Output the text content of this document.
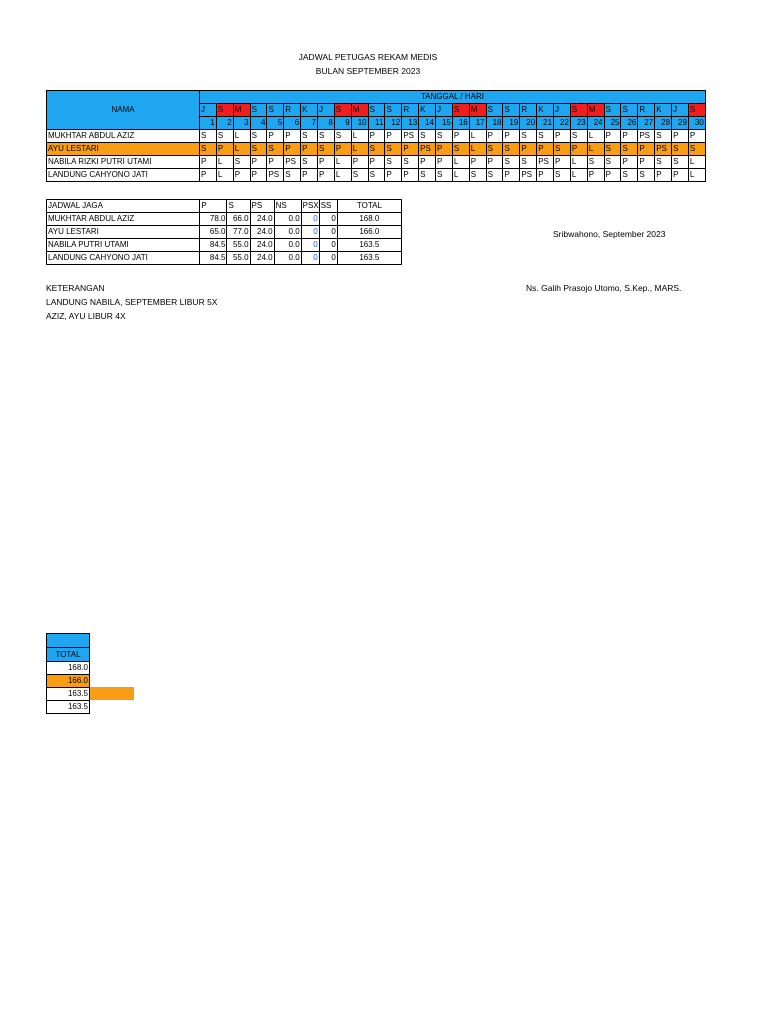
JADWAL PETUGAS REKAM MEDIS
BULAN SEPTEMBER 2023
NAMA	TANGGAL / HARI																													
	J	S	M	S	S	R	K	J	S	M	S	S	R	K	J	S	M	S	S	R	K	J	S	M	S	S	R	K	J	S
	1	2	3	4	5	6	7	8	9	10	11	12	13	14	15	16	17	18	19	20	21	22	23	24	25	26	27	28	29	30
MUKHTAR ABDUL AZIZ	S	S	L	S	P	P	S	S	S	L	P	P	PS	S	S	P	L	P	P	S	S	P	S	L	P	P	PS	S	P	P
AYU LESTARI	S	P	L	S	S	P	P	S	P	L	S	S	P	PS	P	S	L	S	S	P	P	S	P	L	S	S	P	PS	S	S
NABILA RIZKI PUTRI UTAMI	P	L	S	P	P	PS	S	P	L	P	P	S	S	P	P	L	P	P	S	S	PS	P	L	S	S	P	P	S	S	L
LANDUNG CAHYONO JATI	P	L	P	P	PS	S	P	P	L	S	S	P	P	S	S	L	S	S	P	PS	P	S	L	P	P	S	S	P	P	L
JADWAL JAGA	P	S	PS	NS	PSX	SS	TOTAL
MUKHTAR ABDUL AZIZ	78.0	66.0	24.0	0.0	0	0	168.0
AYU LESTARI	65.0	77.0	24.0	0.0	0	0	166.0
NABILA PUTRI UTAMI	84.5	55.0	24.0	0.0	0	0	163.5
LANDUNG CAHYONO JATI	84.5	55.0	24.0	0.0	0	0	163.5
Sribwahono, September 2023
Ns. Galih Prasojo Utomo, S.Kep., MARS.
KETERANGAN
LANDUNG NABILA, SEPTEMBER LIBUR 5X
AZIZ, AYU LIBUR 4X

TOTAL
168.0
166.0
163.5
163.5
